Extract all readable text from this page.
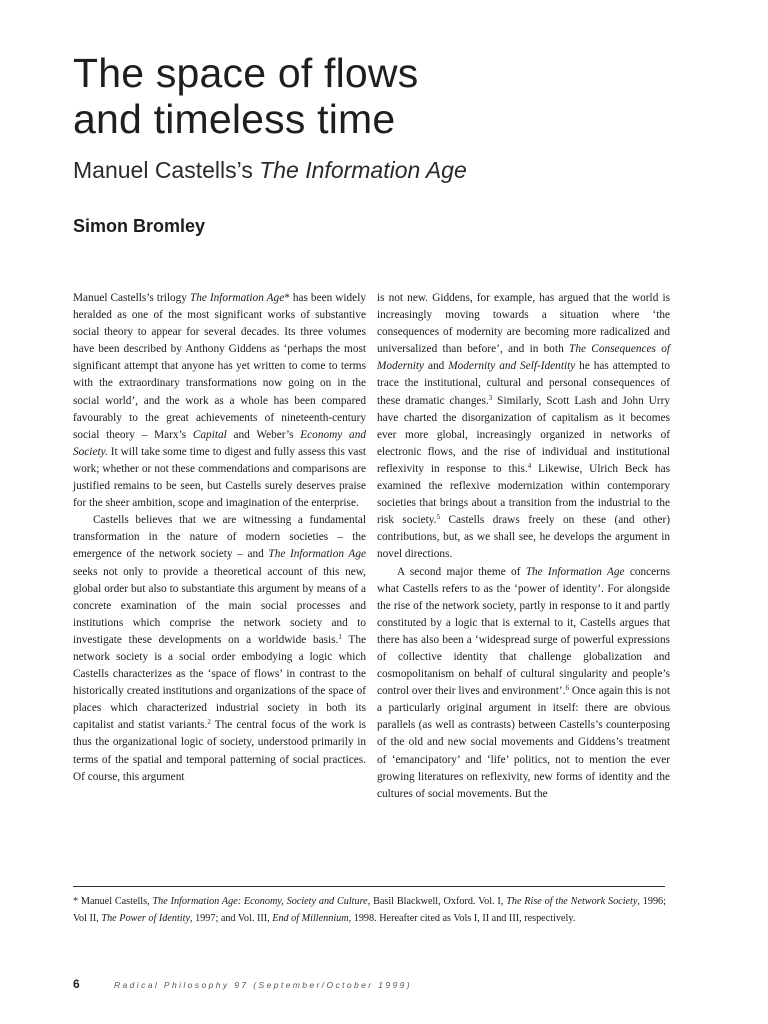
The space of flows
and timeless time
Manuel Castells’s The Information Age
Simon Bromley

Manuel Castells’s trilogy The Information Age* has been widely heralded as one of the most significant works of substantive social theory to appear for several decades. Its three volumes have been described by Anthony Giddens as ‘perhaps the most significant attempt that anyone has yet written to come to terms with the extraordinary transformations now going on in the social world’, and the work as a whole has been compared favourably to the great achievements of nineteenth-century social theory – Marx’s Capital and Weber’s Economy and Society. It will take some time to digest and fully assess this vast work; whether or not these commendations and comparisons are justified remains to be seen, but Castells surely deserves praise for the sheer ambition, scope and imagination of the enterprise.

Castells believes that we are witnessing a fundamental transformation in the nature of modern societies – the emergence of the network society – and The Information Age seeks not only to provide a theoretical account of this new, global order but also to substantiate this argument by means of a concrete examination of the main social processes and institutions which comprise the network society and to investigate these developments on a worldwide basis.$^1$ The network society is a social order embodying a logic which Castells characterizes as the ‘space of flows’ in contrast to the historically created institutions and organizations of the space of places which characterized industrial society in both its capitalist and statist variants.$^2$ The central focus of the work is thus the organizational logic of society, understood primarily in terms of the spatial and temporal patterning of social practices. Of course, this argument

is not new. Giddens, for example, has argued that the world is increasingly moving towards a situation where ‘the consequences of modernity are becoming more radicalized and universalized than before’, and in both The Consequences of Modernity and Modernity and Self-Identity he has attempted to trace the institutional, cultural and personal consequences of these dramatic changes.$^3$ Similarly, Scott Lash and John Urry have charted the disorganization of capitalism as it becomes ever more global, increasingly organized in networks of electronic flows, and the rise of individual and institutional reflexivity in response to this.$^4$ Likewise, Ulrich Beck has examined the reflexive modernization within contemporary societies that brings about a transition from the industrial to the risk society.$^5$ Castells draws freely on these (and other) contributions, but, as we shall see, he develops the argument in novel directions.

A second major theme of The Information Age concerns what Castells refers to as the ‘power of identity’. For alongside the rise of the network society, partly in response to it and partly constituted by a logic that is external to it, Castells argues that there has also been a ‘widespread surge of powerful expressions of collective identity that challenge globalization and cosmopolitanism on behalf of cultural singularity and people’s control over their lives and environment’.$^6$ Once again this is not a particularly original argument in itself: there are obvious parallels (as well as contrasts) between Castells’s counterposing of the old and new social movements and Giddens’s treatment of ‘emancipatory’ and ‘life’ politics, not to mention the ever growing literatures on reflexivity, new forms of identity and the cultures of social movements. But the

* Manuel Castells, The Information Age: Economy, Society and Culture, Basil Blackwell, Oxford. Vol. I, The Rise of the Network Society, 1996; Vol II, The Power of Identity, 1997; and Vol. III, End of Millennium, 1998. Hereafter cited as Vols I, II and III, respectively.
6	Radical Philosophy 97 (September/October 1999)
